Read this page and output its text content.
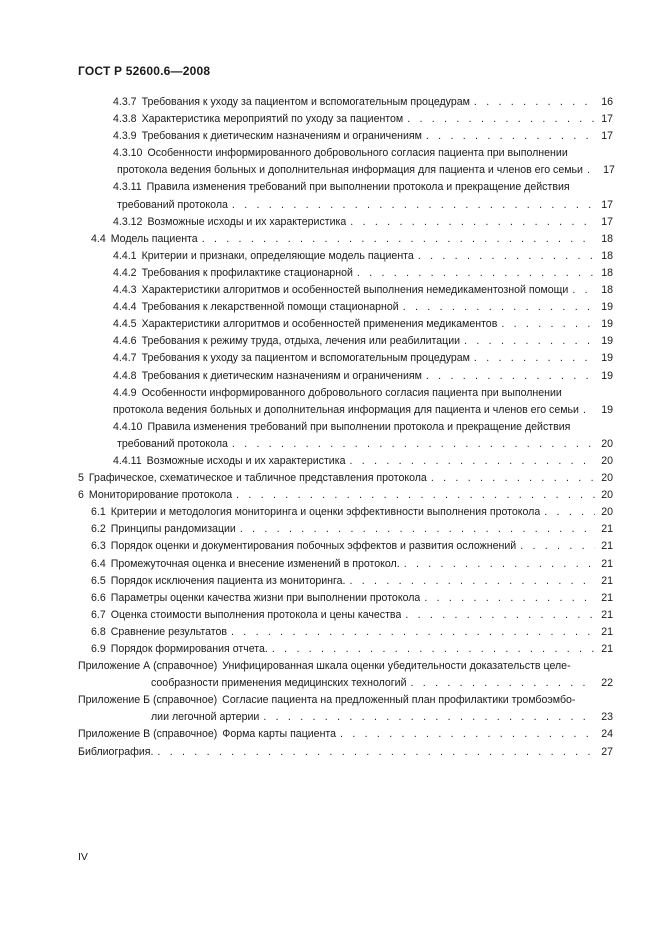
ГОСТ Р 52600.6—2008
4.3.7 Требования к уходу за пациентом и вспомогательным процедурам . . .	16
4.3.8 Характеристика мероприятий по уходу за пациентом . . .	17
4.3.9 Требования к диетическим назначениям и ограничениям . . .	17
4.3.10 Особенности информированного добровольного согласия пациента при выполнении
протокола ведения больных и дополнительная информация для пациента и членов его семьи . . . 17
4.3.11 Правила изменения требований при выполнении протокола и прекращение действия
требований протокола . . .	17
4.3.12 Возможные исходы и их характеристика . . .	17
4.4 Модель пациента . . .	18
4.4.1 Критерии и признаки, определяющие модель пациента . . .	18
4.4.2 Требования к профилактике стационарной . . .	18
4.4.3 Характеристики алгоритмов и особенностей выполнения немедикаментозной помощи . . .	18
4.4.4 Требования к лекарственной помощи стационарной . . .	19
4.4.5 Характеристики алгоритмов и особенностей применения медикаментов . . .	19
4.4.6 Требования к режиму труда, отдыха, лечения или реабилитации . . .	19
4.4.7 Требования к уходу за пациентом и вспомогательным процедурам . . .	19
4.4.8 Требования к диетическим назначениям и ограничениям . . .	19
4.4.9 Особенности информированного добровольного согласия пациента при выполнении
протокола ведения больных и дополнительная информация для пациента и членов его семьи . . . 19
4.4.10 Правила изменения требований при выполнении протокола и прекращение действия
требований протокола . . .	20
4.4.11 Возможные исходы и их характеристика . . .	20
5 Графическое, схематическое и табличное представления протокола . . .	20
6 Мониторирование протокола . . .	20
6.1 Критерии и методология мониторинга и оценки эффективности выполнения протокола . . .	20
6.2 Принципы рандомизации . . .	21
6.3 Порядок оценки и документирования побочных эффектов и развития осложнений . . .	21
6.4 Промежуточная оценка и внесение изменений в протокол. . . .	21
6.5 Порядок исключения пациента из мониторинга. . . .	21
6.6 Параметры оценки качества жизни при выполнении протокола . . .	21
6.7 Оценка стоимости выполнения протокола и цены качества . . .	21
6.8 Сравнение результатов . . .	21
6.9 Порядок формирования отчета. . . .	21
Приложение А (справочное) Унифицированная шкала оценки убедительности доказательств целе-
сообразности применения медицинских технологий . . .	22
Приложение Б (справочное) Согласие пациента на предложенный план профилактики тромбоэмбо-
лии легочной артерии . . .	23
Приложение В (справочное) Форма карты пациента . . .	24
Библиография. . . .	27
IV
